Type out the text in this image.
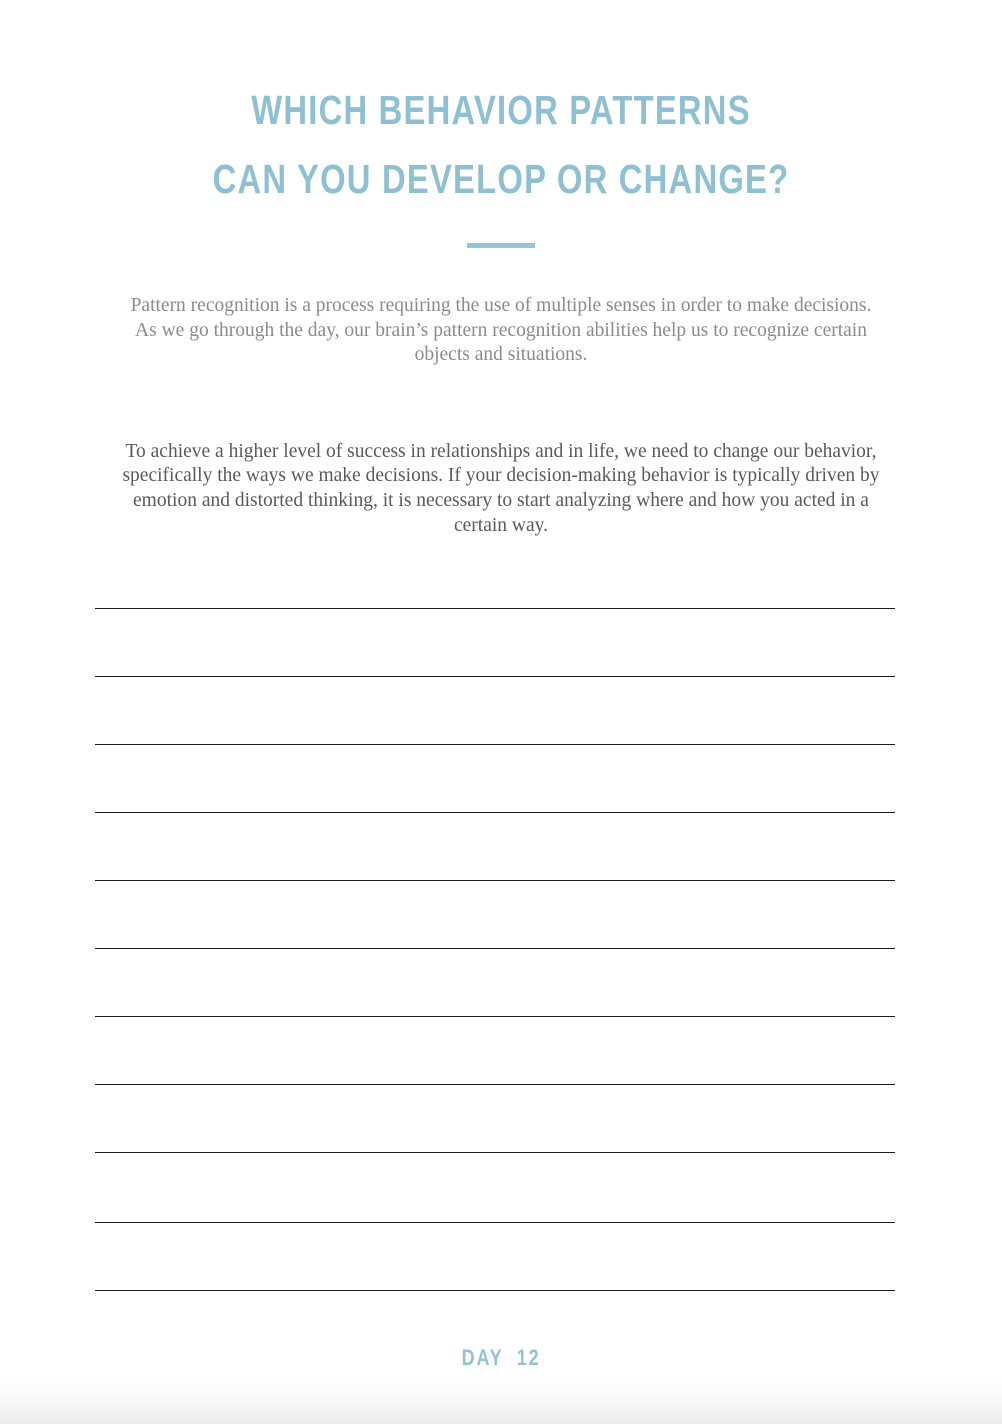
WHICH BEHAVIOR PATTERNS
CAN YOU DEVELOP OR CHANGE?

Pattern recognition is a process requiring the use of multiple senses in order to make decisions. As we go through the day, our brain’s pattern recognition abilities help us to recognize certain objects and situations.

To achieve a higher level of success in relationships and in life, we need to change our behavior, specifically the ways we make decisions. If your decision-making behavior is typically driven by emotion and distorted thinking, it is necessary to start analyzing where and how you acted in a certain way.

DAY  12
